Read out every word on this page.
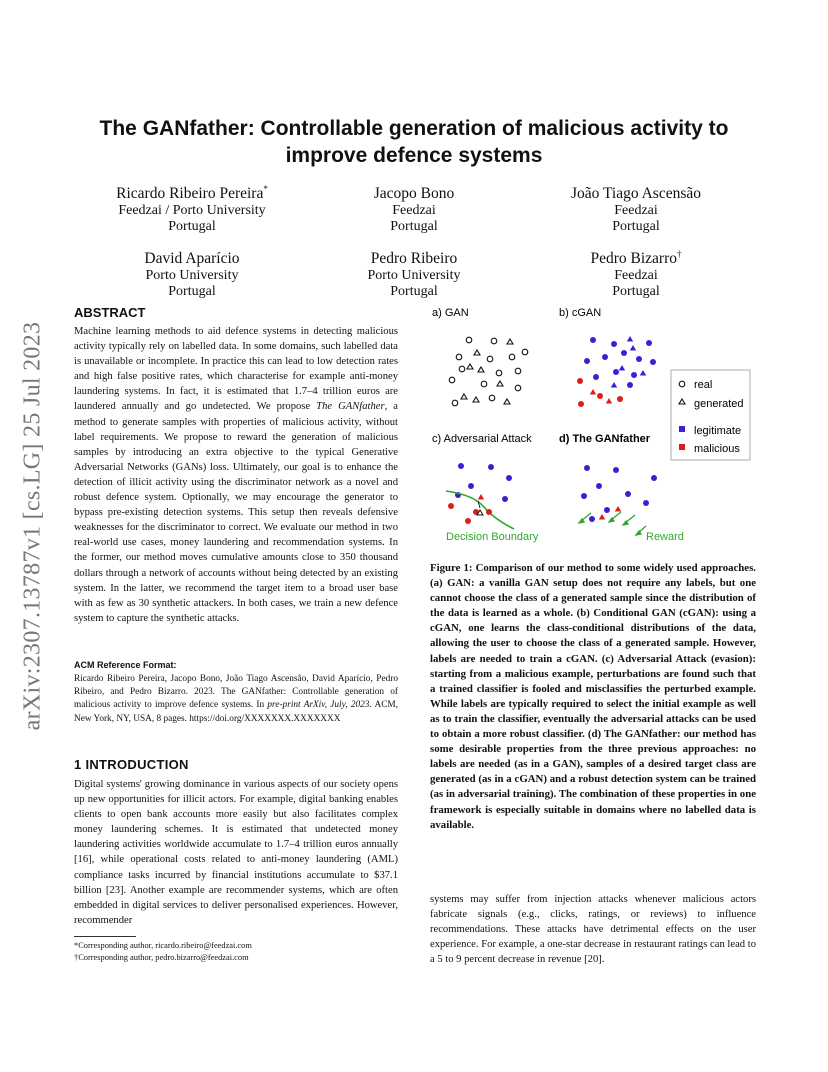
arXiv:2307.13787v1 [cs.LG] 25 Jul 2023
The GANfather: Controllable generation of malicious activity to improve defence systems
Ricardo Ribeiro Pereira*
Feedzai / Porto University
Portugal
Jacopo Bono
Feedzai
Portugal
João Tiago Ascensão
Feedzai
Portugal
David Aparício
Porto University
Portugal
Pedro Ribeiro
Porto University
Portugal
Pedro Bizarro†
Feedzai
Portugal
ABSTRACT
Machine learning methods to aid defence systems in detecting malicious activity typically rely on labelled data. In some domains, such labelled data is unavailable or incomplete. In practice this can lead to low detection rates and high false positive rates, which characterise for example anti-money laundering systems. In fact, it is estimated that 1.7–4 trillion euros are laundered annually and go undetected. We propose The GANfather, a method to generate samples with properties of malicious activity, without label requirements. We propose to reward the generation of malicious samples by introducing an extra objective to the typical Generative Adversarial Networks (GANs) loss. Ultimately, our goal is to enhance the detection of illicit activity using the discriminator network as a novel and robust defence system. Optionally, we may encourage the generator to bypass pre-existing detection systems. This setup then reveals defensive weaknesses for the discriminator to correct. We evaluate our method in two real-world use cases, money laundering and recommendation systems. In the former, our method moves cumulative amounts close to 350 thousand dollars through a network of accounts without being detected by an existing system. In the latter, we recommend the target item to a broad user base with as few as 30 synthetic attackers. In both cases, we train a new defence system to capture the synthetic attacks.
ACM Reference Format:
Ricardo Ribeiro Pereira, Jacopo Bono, João Tiago Ascensão, David Aparício, Pedro Ribeiro, and Pedro Bizarro. 2023. The GANfather: Controllable generation of malicious activity to improve defence systems. In pre-print ArXiv, July, 2023. ACM, New York, NY, USA, 8 pages. https://doi.org/XXXXXXX.XXXXXXX
1 INTRODUCTION
Digital systems' growing dominance in various aspects of our society opens up new opportunities for illicit actors. For example, digital banking enables clients to open bank accounts more easily but also facilitates complex money laundering schemes. It is estimated that undetected money laundering activities worldwide accumulate to 1.7–4 trillion euros annually [16], while operational costs related to anti-money laundering (AML) compliance tasks incurred by financial institutions accumulate to $37.1 billion [23]. Another example are recommender systems, which are often embedded in digital services to deliver personalised experiences. However, recommender
*Corresponding author, ricardo.ribeiro@feedzai.com
†Corresponding author, pedro.bizarro@feedzai.com
a) GAN	b) cGAN
c) Adversarial Attack d) The GANfather
real
generated
legitimate
malicious
Decision Boundary	Reward
Figure 1: Comparison of our method to some widely used approaches. (a) GAN: a vanilla GAN setup does not require any labels, but one cannot choose the class of a generated sample since the distribution of the data is learned as a whole. (b) Conditional GAN (cGAN): using a cGAN, one learns the class-conditional distributions of the data, allowing the user to choose the class of a generated sample. However, labels are needed to train a cGAN. (c) Adversarial Attack (evasion): starting from a malicious example, perturbations are found such that a trained classifier is fooled and misclassifies the perturbed example. While labels are typically required to select the initial example as well as to train the classifier, eventually the adversarial attacks can be used to obtain a more robust classifier. (d) The GANfather: our method has some desirable properties from the three previous approaches: no labels are needed (as in a GAN), samples of a desired target class are generated (as in a cGAN) and a robust detection system can be trained (as in adversarial training). The combination of these properties in one framework is especially suitable in domains where no labelled data is available.
systems may suffer from injection attacks whenever malicious actors fabricate signals (e.g., clicks, ratings, or reviews) to influence recommendations. These attacks have detrimental effects on the user experience. For example, a one-star decrease in restaurant ratings can lead to a 5 to 9 percent decrease in revenue [20].
